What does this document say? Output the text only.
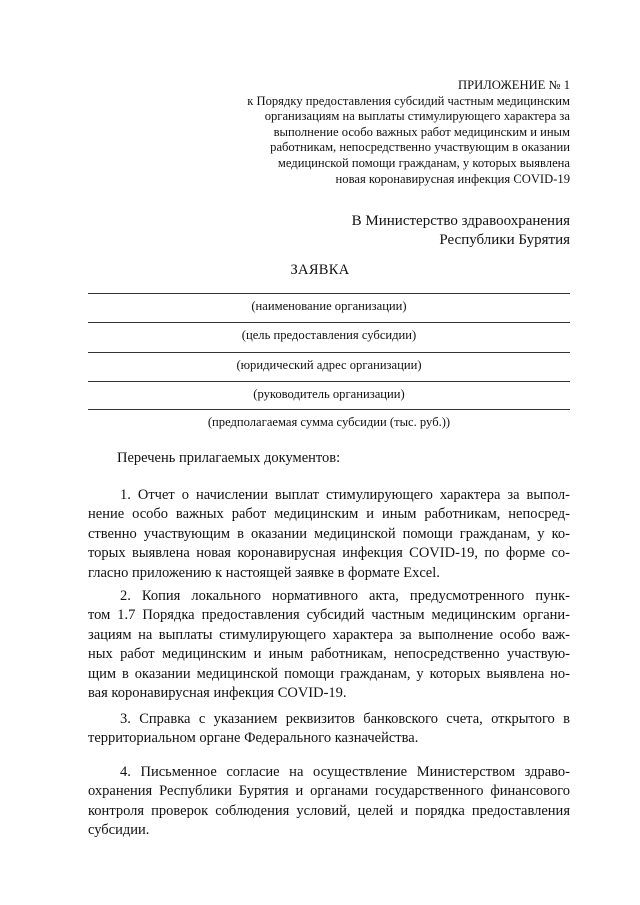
ПРИЛОЖЕНИЕ № 1
к Порядку предоставления субсидий частным медицинским
организациям на выплаты стимулирующего характера за
выполнение особо важных работ медицинским и иным
работникам, непосредственно участвующим в оказании
медицинской помощи гражданам, у которых выявлена
новая коронавирусная инфекция COVID-19
В Министерство здравоохранения
Республики Бурятия
ЗАЯВКА
(наименование организации)
(цель предоставления субсидии)
(юридический адрес организации)
(руководитель организации)
(предполагаемая сумма субсидии (тыс. руб.))
Перечень прилагаемых документов:
1. Отчет о начислении выплат стимулирующего характера за выпол-
нение особо важных работ медицинским и иным работникам, непосред-
ственно участвующим в оказании медицинской помощи гражданам, у ко-
торых выявлена новая коронавирусная инфекция COVID-19, по форме со-
гласно приложению к настоящей заявке в формате Excel.
2. Копия локального нормативного акта, предусмотренного пунк-
том 1.7 Порядка предоставления субсидий частным медицинским органи-
зациям на выплаты стимулирующего характера за выполнение особо важ-
ных работ медицинским и иным работникам, непосредственно участвую-
щим в оказании медицинской помощи гражданам, у которых выявлена но-
вая коронавирусная инфекция COVID-19.
3. Справка с указанием реквизитов банковского счета, открытого в
территориальном органе Федерального казначейства.
4. Письменное согласие на осуществление Министерством здраво-
охранения Республики Бурятия и органами государственного финансового
контроля проверок соблюдения условий, целей и порядка предоставления
субсидии.
